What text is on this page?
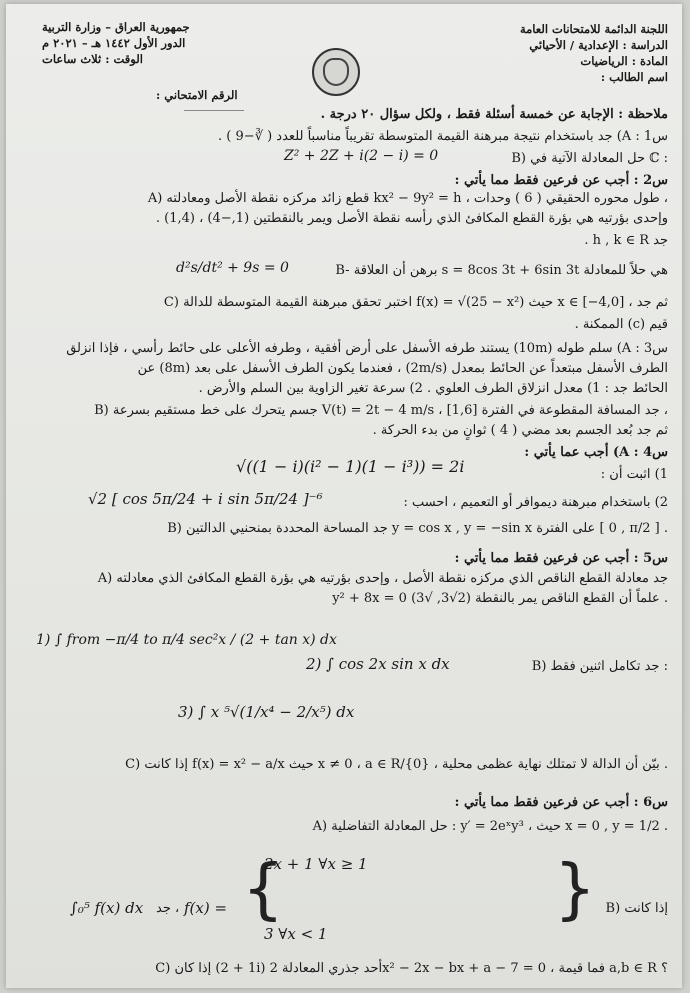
اللجنة الدائمة للامتحانات العامة
الدراسة : الإعدادية / الأحيائي
المادة : الرياضيات
اسم الطالب :
جمهورية العراق – وزارة التربية
الدور الأول ١٤٤٢ هـ – ٢٠٢١ م
الوقت : ثلاث ساعات
الرقم الامتحاني :
ملاحظة : الإجابة عن خمسة أسئلة فقط ، ولكل سؤال ٢٠ درجة .
س1 : A) جد باستخدام نتيجة مبرهنة القيمة المتوسطة تقريباً مناسباً للعدد ( ∛−9 ) .
B) حل المعادلة الآتية في ℂ :
Z² + 2Z + i(2 − i) = 0
س2 : أجب عن فرعين فقط مما يأتي :
A) قطع زائد مركزه نقطة الأصل ومعادلته kx² − 9y² = h ، طول محوره الحقيقي ( 6 ) وحدات ،
وإحدى بؤرتيه هي بؤرة القطع المكافئ الذي رأسه نقطة الأصل ويمر بالنقطتين (1,−4) ، (1,4) .
جد h , k ∈ R .
B- برهن أن العلاقة s = 8cos 3t + 6sin 3t هي حلاً للمعادلة
d²s/dt² + 9s = 0
C) اختبر تحقق مبرهنة القيمة المتوسطة للدالة f(x) = √(25 − x²) حيث x ∈ [−4,0] ، ثم جد
قيم (c) الممكنة .
س3 : A) سلم طوله (10m) يستند طرفه الأسفل على أرض أفقية ، وطرفه الأعلى على حائط رأسي ، فإذا انزلق
الطرف الأسفل مبتعداً عن الحائط بمعدل (2m/s) ، فعندما يكون الطرف الأسفل على بعد (8m) عن
الحائط جد : 1) معدل انزلاق الطرف العلوي . 2) سرعة تغير الزاوية بين السلم والأرض .
B) جسم يتحرك على خط مستقيم بسرعة V(t) = 2t − 4 m/s ، جد المسافة المقطوعة في الفترة [1,6] ،
ثم جد بُعد الجسم بعد مضي ( 4 ) ثوانٍ من بدء الحركة .
س4 : A) أجب عما يأتي :
1) اثبت أن :
√((1 − i)(i² − 1)(1 − i³)) = 2i
2) باستخدام مبرهنة ديموافر أو التعميم ، احسب :
√2 [ cos 5π/24 + i sin 5π/24 ]⁻⁶
B) جد المساحة المحددة بمنحنيي الدالتين y = cos x , y = −sin x على الفترة [ 0 , π/2 ] .
س5 : أجب عن فرعين فقط مما يأتي :
A) جد معادلة القطع الناقص الذي مركزه نقطة الأصل ، وإحدى بؤرتيه هي بؤرة القطع المكافئ الذي معادلته
y² + 8x = 0 علماً أن القطع الناقص يمر بالنقطة (2√3, √3) .
B) جد تكامل اثنين فقط :
1) ∫ from −π/4 to π/4 sec²x / (2 + tan x) dx
2) ∫ cos 2x sin x dx
3) ∫ x ⁵√(1/x⁴ − 2/x⁵) dx
C) إذا كانت f(x) = x² − a/x حيث x ≠ 0 ، a ∈ R/{0} ، بيّن أن الدالة لا تمتلك نهاية عظمى محلية .
س6 : أجب عن فرعين فقط مما يأتي :
A) حل المعادلة التفاضلية : y′ = 2eˣy³ ، حيث x = 0 , y = 1/2 .
B) إذا كانت
f(x) = {
2x + 1 ∀x ≥ 1
3 ∀x < 1
}
∫₀⁵ f(x) dx ، جد
C) إذا كان (1 + 2i) أحد جذري المعادلة 2x² − 2x − bx + a − 7 = 0 ، فما قيمة a,b ∈ R ؟
